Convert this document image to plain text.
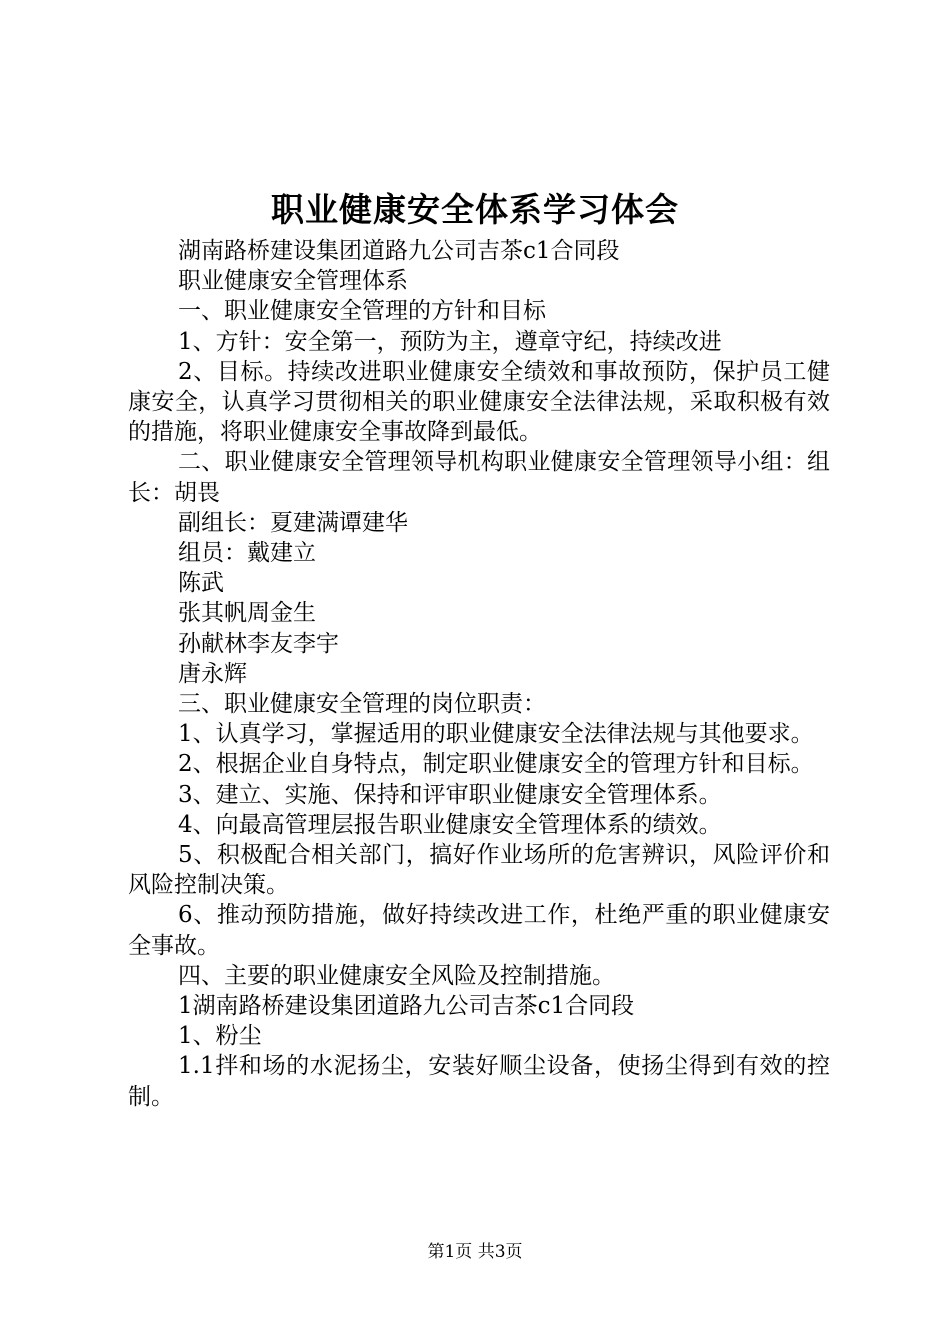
职业健康安全体系学习体会

湖南路桥建设集团道路九公司吉茶c1合同段

职业健康安全管理体系

一、职业健康安全管理的方针和目标

1、方针：安全第一，预防为主，遵章守纪，持续改进

2、目标。持续改进职业健康安全绩效和事故预防，保护员工健康安全，认真学习贯彻相关的职业健康安全法律法规，采取积极有效的措施，将职业健康安全事故降到最低。

二、职业健康安全管理领导机构职业健康安全管理领导小组：组长：胡畏

副组长：夏建满谭建华

组员：戴建立

陈武

张其帆周金生

孙献林李友李宇

唐永辉

三、职业健康安全管理的岗位职责：

1、认真学习，掌握适用的职业健康安全法律法规与其他要求。

2、根据企业自身特点，制定职业健康安全的管理方针和目标。

3、建立、实施、保持和评审职业健康安全管理体系。

4、向最高管理层报告职业健康安全管理体系的绩效。

5、积极配合相关部门，搞好作业场所的危害辨识，风险评价和风险控制决策。

6、推动预防措施，做好持续改进工作，杜绝严重的职业健康安全事故。

四、主要的职业健康安全风险及控制措施。

1湖南路桥建设集团道路九公司吉茶c1合同段

1、粉尘

1.1拌和场的水泥扬尘，安装好顺尘设备，使扬尘得到有效的控制。

第1页 共3页
